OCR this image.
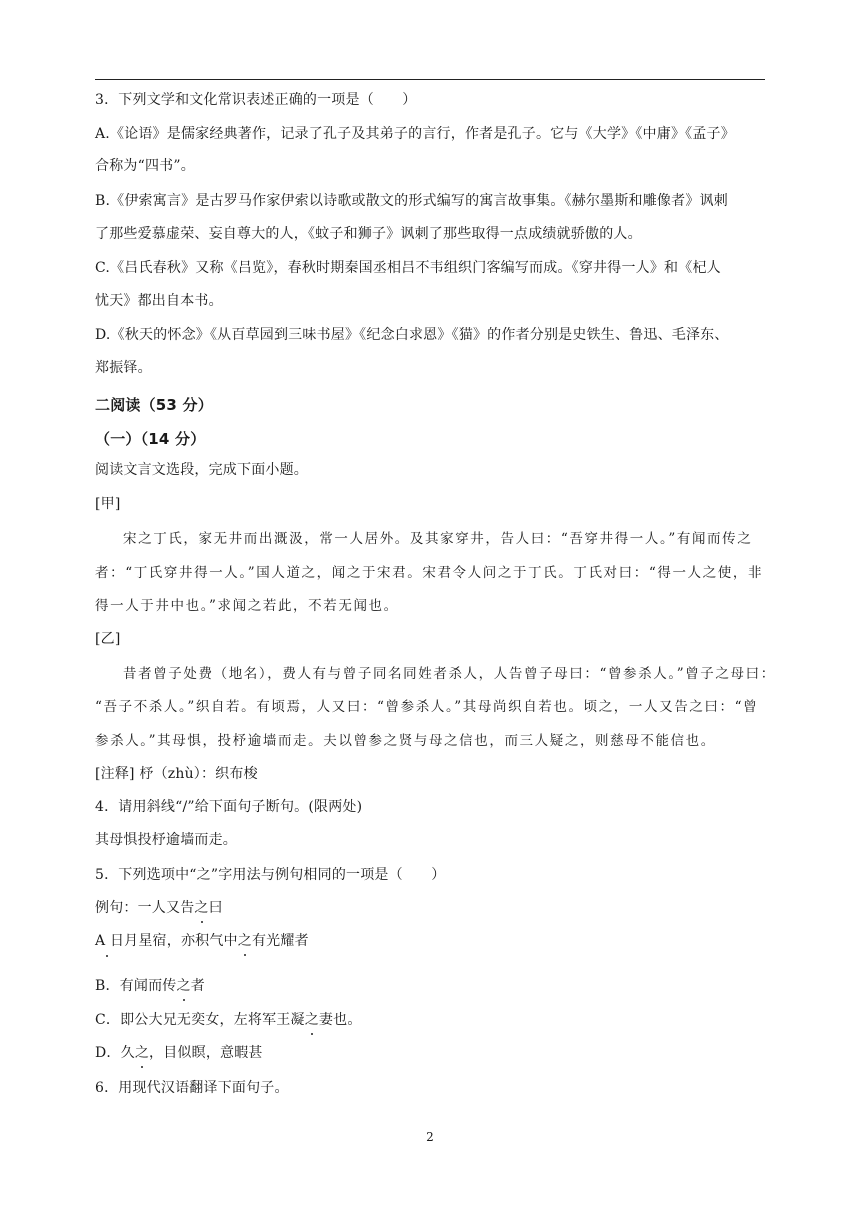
3．下列文学和文化常识表述正确的一项是（　　）
A.《论语》是儒家经典著作，记录了孔子及其弟子的言行，作者是孔子。它与《大学》《中庸》《孟子》
合称为“四书”。
B.《伊索寓言》是古罗马作家伊索以诗歌或散文的形式编写的寓言故事集。《赫尔墨斯和雕像者》讽刺
了那些爱慕虚荣、妄自尊大的人，《蚊子和狮子》讽刺了那些取得一点成绩就骄傲的人。
C.《吕氏春秋》又称《吕览》，春秋时期秦国丞相吕不韦组织门客编写而成。《穿井得一人》和《杞人
忧天》都出自本书。
D.《秋天的怀念》《从百草园到三味书屋》《纪念白求恩》《猫》的作者分别是史铁生、鲁迅、毛泽东、
郑振铎。
二阅读（53 分）
（一）（14 分）
阅读文言文选段，完成下面小题。
[甲]
宋之丁氏，家无井而出溉汲，常一人居外。及其家穿井，告人曰：“吾穿井得一人。”有闻而传之
者：“丁氏穿井得一人。”国人道之，闻之于宋君。宋君令人问之于丁氏。丁氏对曰：“得一人之使，非
得一人于井中也。”求闻之若此，不若无闻也。
[乙]
昔者曾子处费（地名），费人有与曾子同名同姓者杀人，人告曾子母曰：“曾参杀人。”曾子之母曰：
“吾子不杀人。”织自若。有顷焉，人又曰：“曾参杀人。”其母尚织自若也。顷之，一人又告之曰：“曾
参杀人。”其母惧，投杼逾墙而走。夫以曾参之贤与母之信也，而三人疑之，则慈母不能信也。
[注释] 杼（zhù）：织布梭
4．请用斜线“/”给下面句子断句。(限两处)
其母惧投杼逾墙而走。
5．下列选项中“之”字用法与例句相同的一项是（　　）
例句：一人又告之曰
A 日月星宿，亦积气中之有光耀者
B．有闻而传之者
C．即公大兄无奕女，左将军王凝之妻也。
D．久之，目似瞑，意暇甚
6．用现代汉语翻译下面句子。
2
